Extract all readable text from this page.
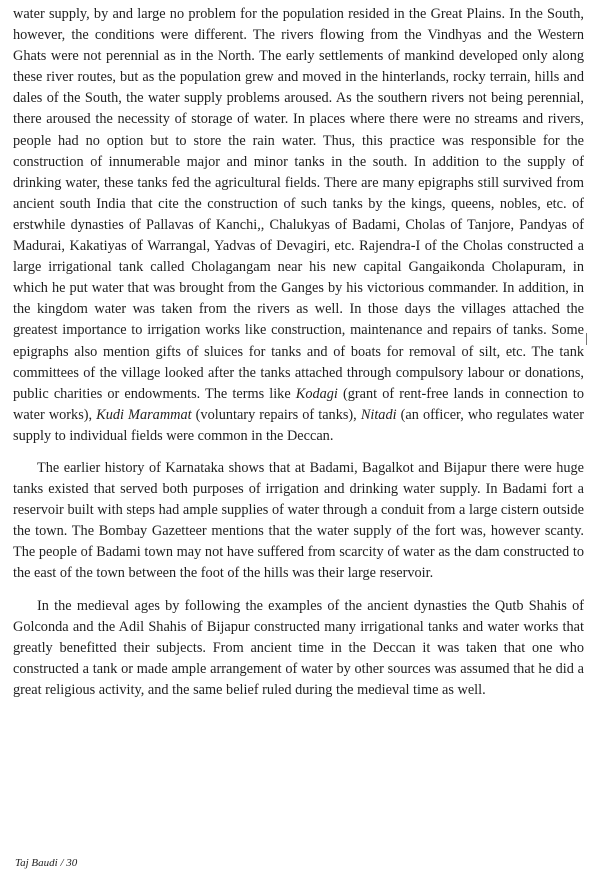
water supply, by and large no problem for the population resided in the Great Plains. In the South, however, the conditions were different. The rivers flowing from the Vindhyas and the Western Ghats were not perennial as in the North. The early settlements of mankind developed only along these river routes, but as the population grew and moved in the hinterlands, rocky terrain, hills and dales of the South, the water supply problems aroused. As the southern rivers not being perennial, there aroused the necessity of storage of water. In places where there were no streams and rivers, people had no option but to store the rain water. Thus, this practice was responsible for the construction of innumerable major and minor tanks in the south. In addition to the supply of drinking water, these tanks fed the agricultural fields. There are many epigraphs still survived from ancient south India that cite the construction of such tanks by the kings, queens, nobles, etc. of erstwhile dynasties of Pallavas of Kanchi,, Chalukyas of Badami, Cholas of Tanjore, Pandyas of Madurai, Kakatiyas of Warrangal, Yadvas of Devagiri, etc. Rajendra-I of the Cholas constructed a large irrigational tank called Cholagangam near his new capital Gangaikonda Cholapuram, in which he put water that was brought from the Ganges by his victorious commander. In addition, in the kingdom water was taken from the rivers as well. In those days the villages attached the greatest importance to irrigation works like construction, maintenance and repairs of tanks. Some epigraphs also mention gifts of sluices for tanks and of boats for removal of silt, etc. The tank committees of the village looked after the tanks attached through compulsory labour or donations, public charities or endowments. The terms like Kodagi (grant of rent-free lands in connection to water works), Kudi Marammat (voluntary repairs of tanks), Nitadi (an officer, who regulates water supply to individual fields were common in the Deccan.

The earlier history of Karnataka shows that at Badami, Bagalkot and Bijapur there were huge tanks existed that served both purposes of irrigation and drinking water supply. In Badami fort a reservoir built with steps had ample supplies of water through a conduit from a large cistern outside the town. The Bombay Gazetteer mentions that the water supply of the fort was, however scanty. The people of Badami town may not have suffered from scarcity of water as the dam constructed to the east of the town between the foot of the hills was their large reservoir.

In the medieval ages by following the examples of the ancient dynasties the Qutb Shahis of Golconda and the Adil Shahis of Bijapur constructed many irrigational tanks and water works that greatly benefitted their subjects. From ancient time in the Deccan it was taken that one who constructed a tank or made ample arrangement of water by other sources was assumed that he did a great religious activity, and the same belief ruled during the medieval time as well.

Taj Baudi / 30
